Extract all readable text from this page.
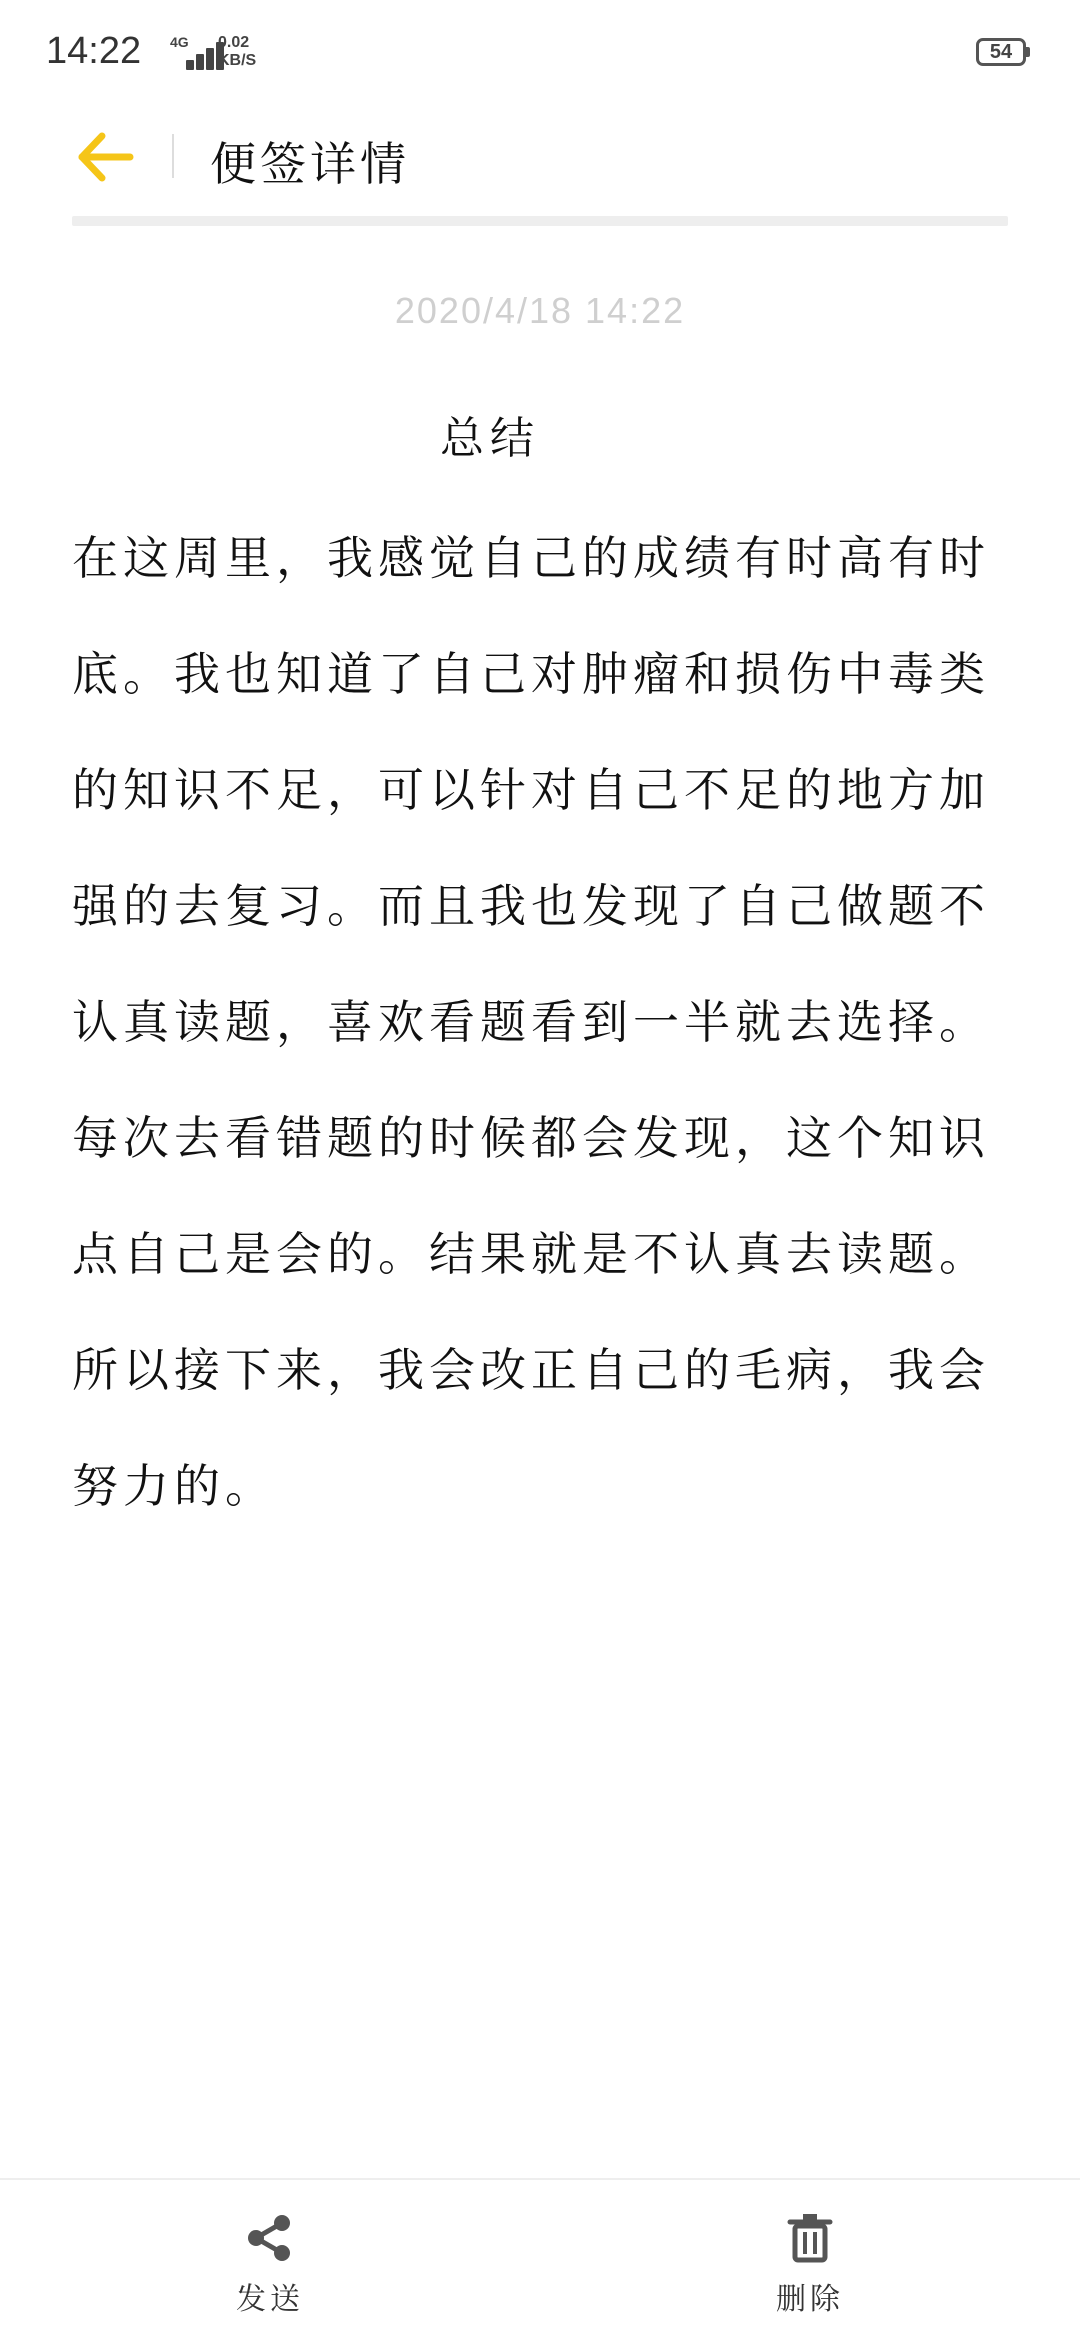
14:22 4G 0.02
KB/S	54
便签详情
2020/4/18 14:22
总结
在这周里，我感觉自己的成绩有时高有时底。我也知道了自己对肿瘤和损伤中毒类的知识不足，可以针对自己不足的地方加强的去复习。而且我也发现了自己做题不认真读题，喜欢看题看到一半就去选择。每次去看错题的时候都会发现，这个知识点自己是会的。结果就是不认真去读题。所以接下来，我会改正自己的毛病，我会努力的。
发送	删除
